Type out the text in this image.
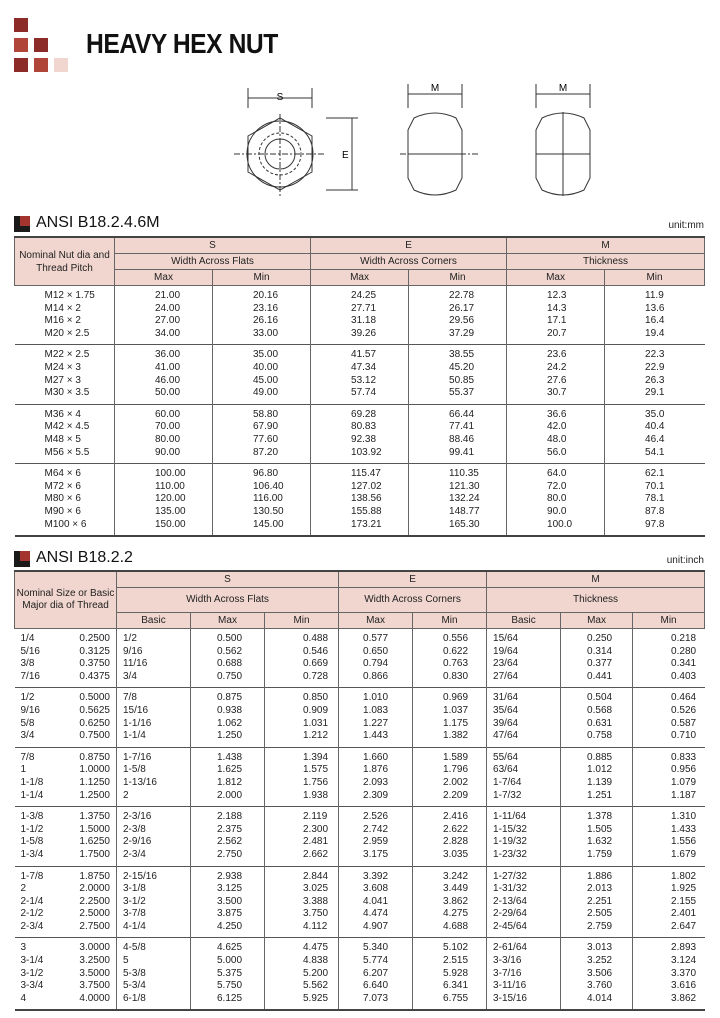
HEAVY HEX NUT
S
E
M	M
ANSI B18.2.4.6M	unit:mm
Nominal Nut dia and Thread Pitch	S		E		M	
	Width Across Flats		Width Across Corners		Thickness	
	Max	Min	Max	Min	Max	Min
M12 × 1.75	21.00	20.16	24.25	22.78	12.3	11.9
M14 × 2	24.00	23.16	27.71	26.17	14.3	13.6
M16 × 2	27.00	26.16	31.18	29.56	17.1	16.4
M20 × 2.5	34.00	33.00	39.26	37.29	20.7	19.4
M22 × 2.5	36.00	35.00	41.57	38.55	23.6	22.3
M24 × 3	41.00	40.00	47.34	45.20	24.2	22.9
M27 × 3	46.00	45.00	53.12	50.85	27.6	26.3
M30 × 3.5	50.00	49.00	57.74	55.37	30.7	29.1
M36 × 4	60.00	58.80	69.28	66.44	36.6	35.0
M42 × 4.5	70.00	67.90	80.83	77.41	42.0	40.4
M48 × 5	80.00	77.60	92.38	88.46	48.0	46.4
M56 × 5.5	90.00	87.20	103.92	99.41	56.0	54.1
M64 × 6	100.00	96.80	115.47	110.35	64.0	62.1
M72 × 6	110.00	106.40	127.02	121.30	72.0	70.1
M80 × 6	120.00	116.00	138.56	132.24	80.0	78.1
M90 × 6	135.00	130.50	155.88	148.77	90.0	87.8
M100 × 6	150.00	145.00	173.21	165.30	100.0	97.8
ANSI B18.2.2	unit:inch
Nominal Size or Basic Major dia of Thread	S			E		M		
	Width Across Flats			Width Across Corners		Thickness		
	Basic	Max	Min	Max	Min	Basic	Max	Min

1/4 0.2500	1/2	0.500	0.488	0.577	0.556	15/64	0.250	0.218

5/16 0.3125	9/16	0.562	0.546	0.650	0.622	19/64	0.314	0.280

3/8 0.3750	11/16	0.688	0.669	0.794	0.763	23/64	0.377	0.341

7/16 0.4375	3/4	0.750	0.728	0.866	0.830	27/64	0.441	0.403

1/2 0.5000	7/8	0.875	0.850	1.010	0.969	31/64	0.504	0.464

9/16 0.5625	15/16	0.938	0.909	1.083	1.037	35/64	0.568	0.526

5/8 0.6250	1-1/16	1.062	1.031	1.227	1.175	39/64	0.631	0.587

3/4 0.7500	1-1/4	1.250	1.212	1.443	1.382	47/64	0.758	0.710

7/8 0.8750	1-7/16	1.438	1.394	1.660	1.589	55/64	0.885	0.833

1 1.0000	1-5/8	1.625	1.575	1.876	1.796	63/64	1.012	0.956

1-1/8 1.1250	1-13/16	1.812	1.756	2.093	2.002	1-7/64	1.139	1.079

1-1/4 1.2500	2	2.000	1.938	2.309	2.209	1-7/32	1.251	1.187

1-3/8 1.3750	2-3/16	2.188	2.119	2.526	2.416	1-11/64	1.378	1.310

1-1/2 1.5000	2-3/8	2.375	2.300	2.742	2.622	1-15/32	1.505	1.433

1-5/8 1.6250	2-9/16	2.562	2.481	2.959	2.828	1-19/32	1.632	1.556

1-3/4 1.7500	2-3/4	2.750	2.662	3.175	3.035	1-23/32	1.759	1.679

1-7/8 1.8750	2-15/16	2.938	2.844	3.392	3.242	1-27/32	1.886	1.802

2 2.0000	3-1/8	3.125	3.025	3.608	3.449	1-31/32	2.013	1.925

2-1/4 2.2500	3-1/2	3.500	3.388	4.041	3.862	2-13/64	2.251	2.155

2-1/2 2.5000	3-7/8	3.875	3.750	4.474	4.275	2-29/64	2.505	2.401

2-3/4 2.7500	4-1/4	4.250	4.112	4.907	4.688	2-45/64	2.759	2.647

3 3.0000	4-5/8	4.625	4.475	5.340	5.102	2-61/64	3.013	2.893

3-1/4 3.2500	5	5.000	4.838	5.774	2.515	3-3/16	3.252	3.124

3-1/2 3.5000	5-3/8	5.375	5.200	6.207	5.928	3-7/16	3.506	3.370

3-3/4 3.7500	5-3/4	5.750	5.562	6.640	6.341	3-11/16	3.760	3.616

4 4.0000	6-1/8	6.125	5.925	7.073	6.755	3-15/16	4.014	3.862
